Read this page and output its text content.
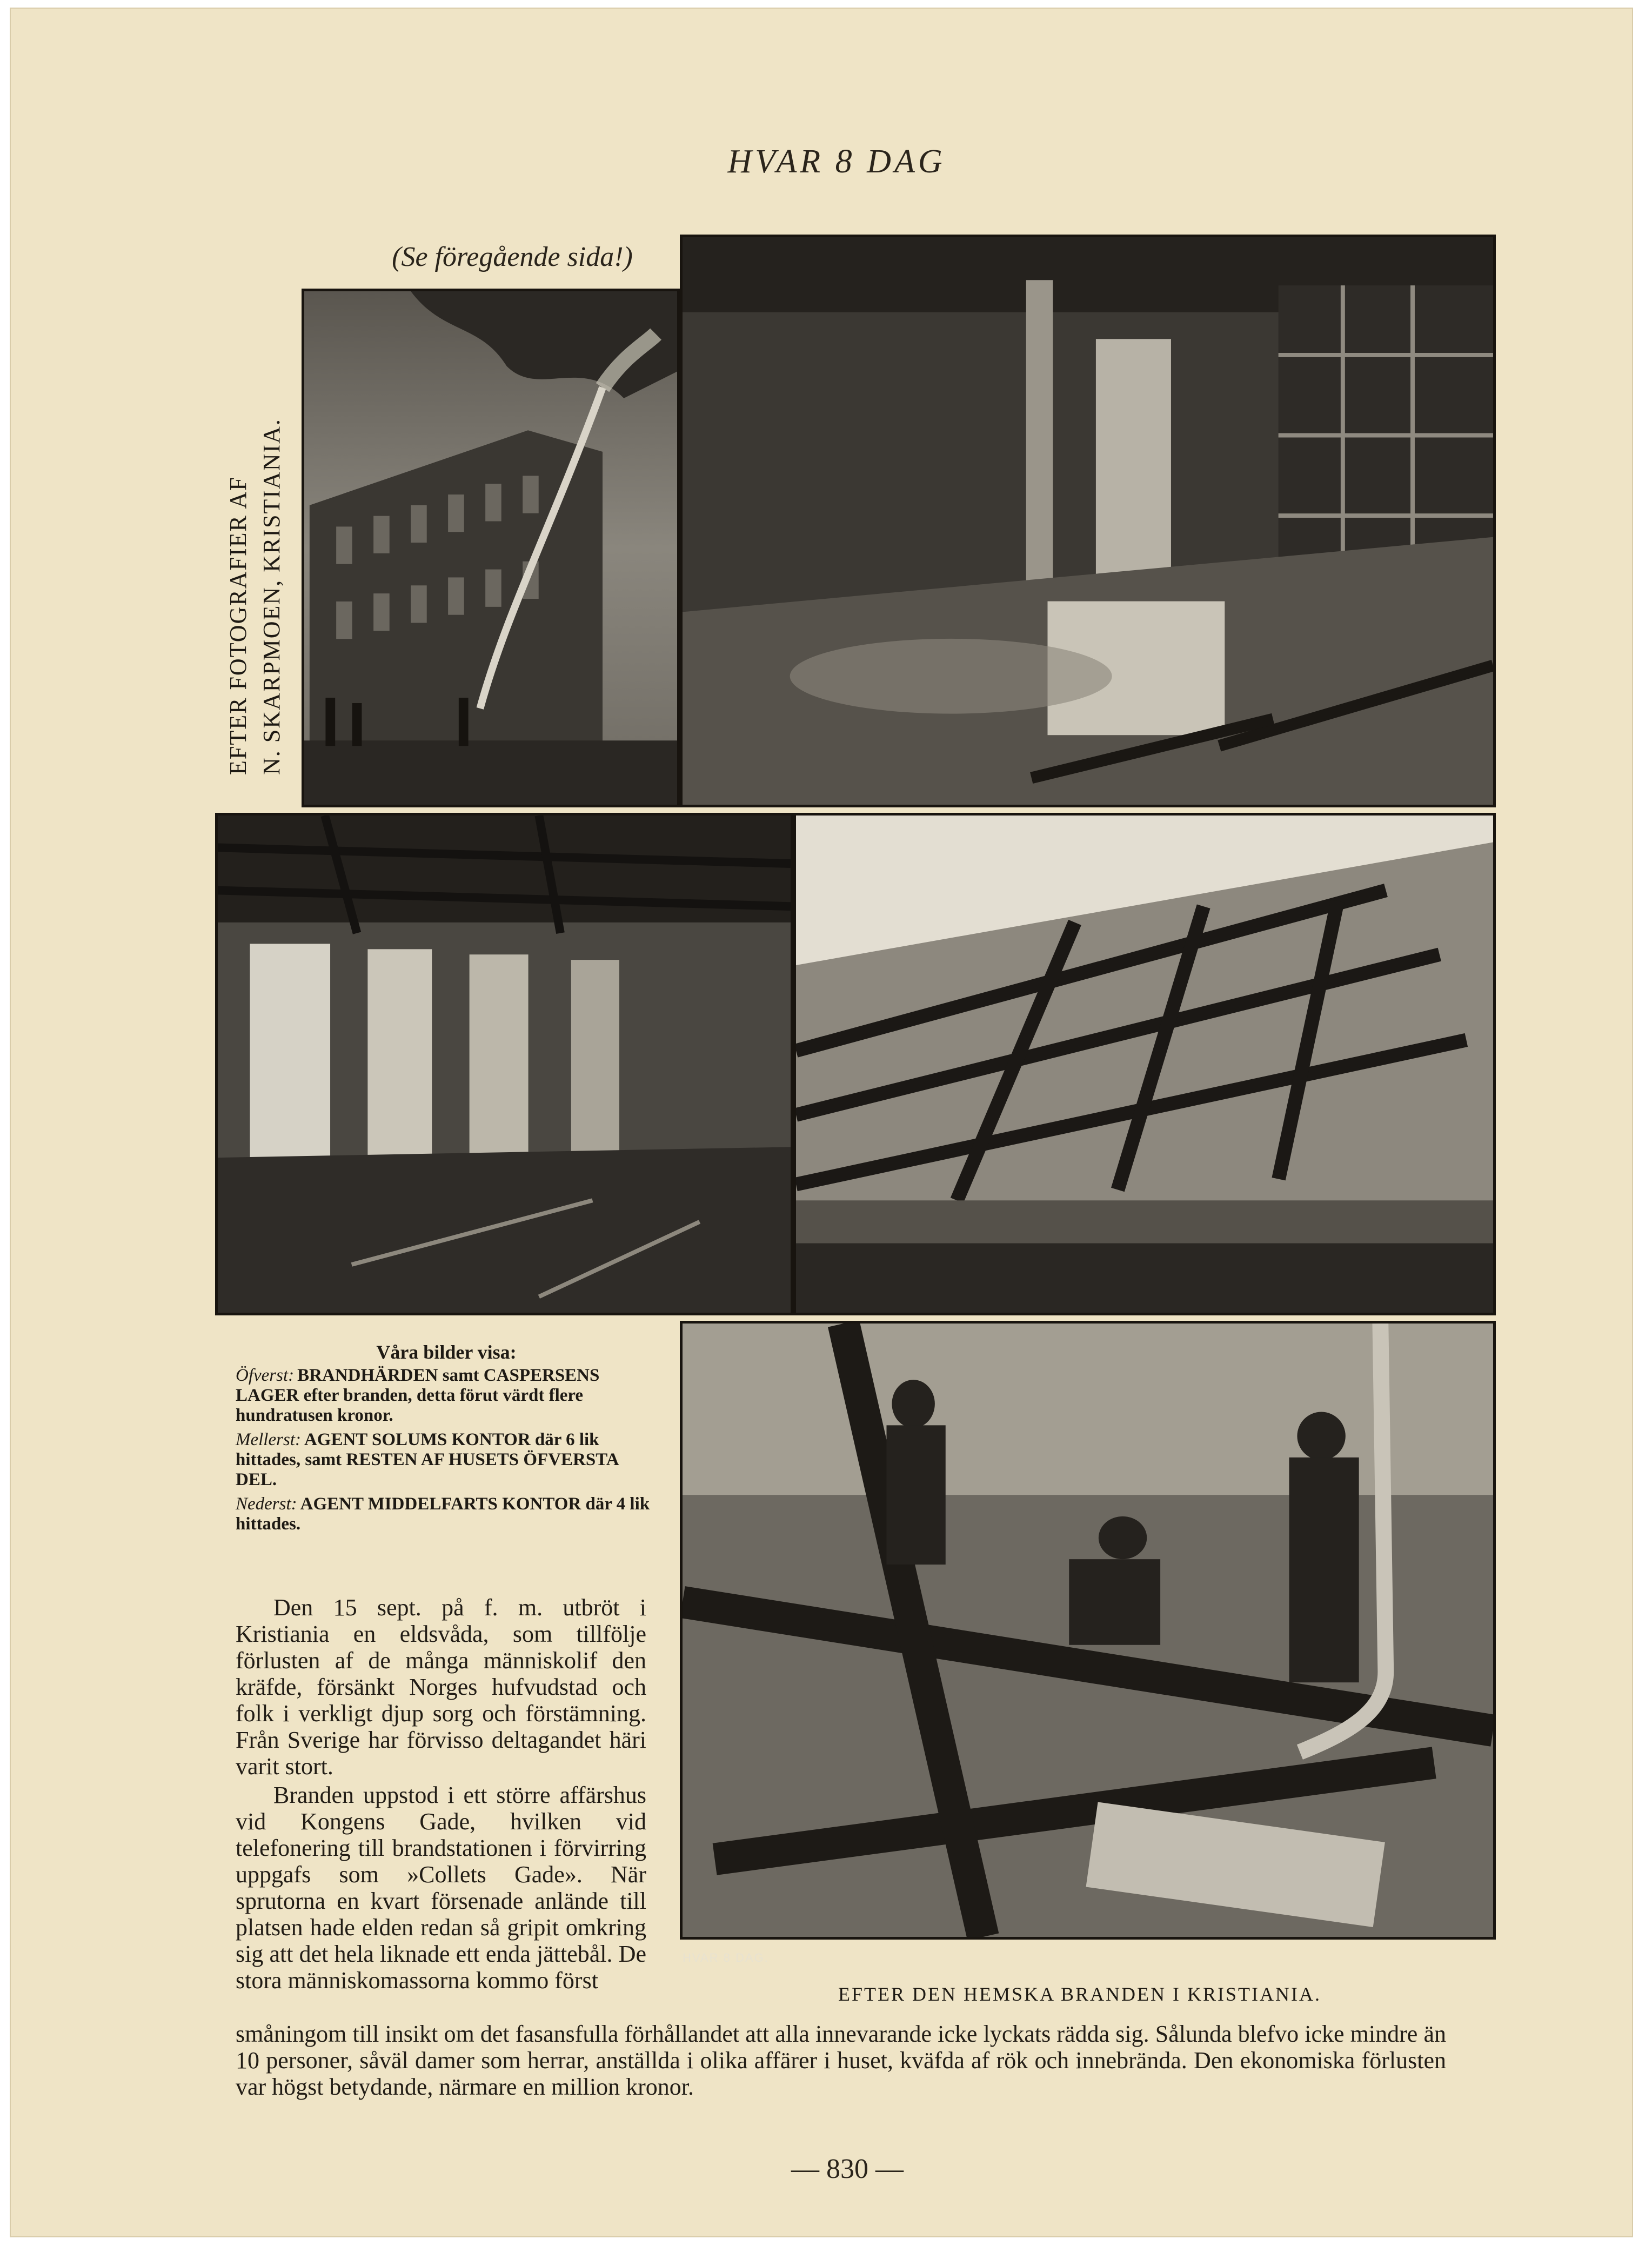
HVAR 8 DAG
(Se föregående sida!)
EFTER FOTOGRAFIER AF N. SKARPMOEN, KRISTIANIA.
HVAR 8 DAG.
Våra bilder visa:
Öfverst: BRANDHÄRDEN samt CASPERSENS LAGER efter branden, detta förut värdt flere hundratusen kronor.
Mellerst: AGENT SOLUMS KONTOR där 6 lik hittades, samt RESTEN AF HUSETS ÖFVERSTA DEL.
Nederst: AGENT MIDDELFARTS KONTOR där 4 lik hittades.
Den 15 sept. på f. m. utbröt i Kristiania en eldsvåda, som tillfölje förlusten af de många människolif den kräfde, försänkt Norges hufvudstad och folk i verkligt djup sorg och förstämning. Från Sverige har förvisso deltagandet häri varit stort.
Branden uppstod i ett större affärshus vid Kongens Gade, hvilken vid telefonering till brandstationen i förvirring uppgafs som »Collets Gade». När sprutorna en kvart försenade anlände till platsen hade elden redan så gripit omkring sig att det hela liknade ett enda jättebål. De stora människomassorna kommo först
EFTER DEN HEMSKA BRANDEN I KRISTIANIA.
småningom till insikt om det fasansfulla förhållandet att alla innevarande icke lyckats rädda sig. Sålunda blefvo icke mindre än 10 personer, såväl damer som herrar, anställda i olika affärer i huset, kväfda af rök och innebrända. Den ekonomiska förlusten var högst betydande, närmare en million kronor.
— 830 —
